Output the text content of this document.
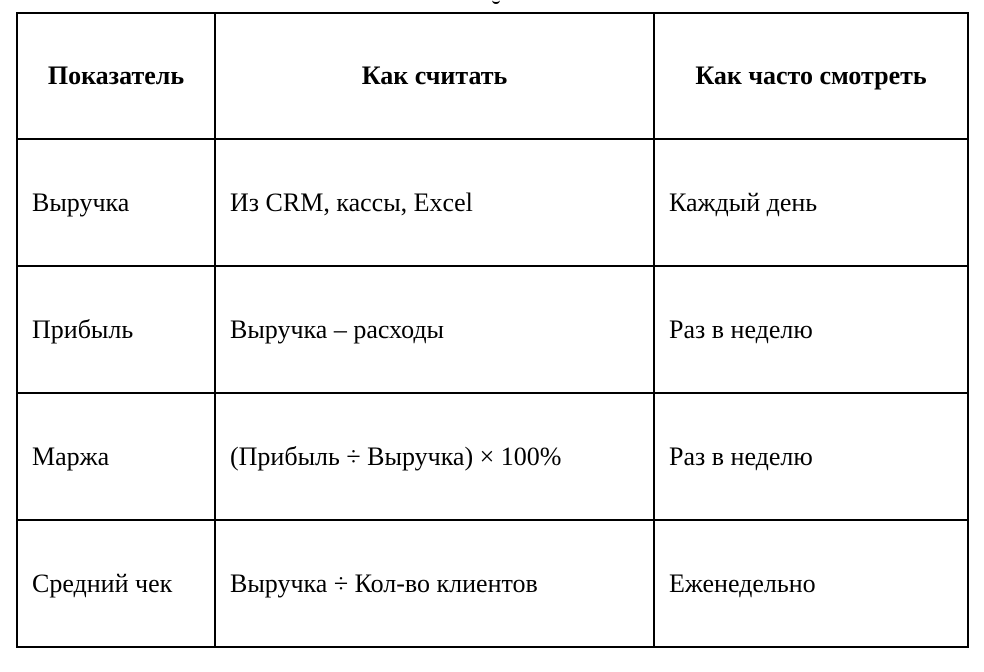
Показатель	Как считать	Как часто смотреть
Выручка	Из CRM, кассы, Excel	Каждый день
Прибыль	Выручка – расходы	Раз в неделю
Маржа	(Прибыль ÷ Выручка) × 100%	Раз в неделю
Средний чек	Выручка ÷ Кол-во клиентов	Еженедельно
